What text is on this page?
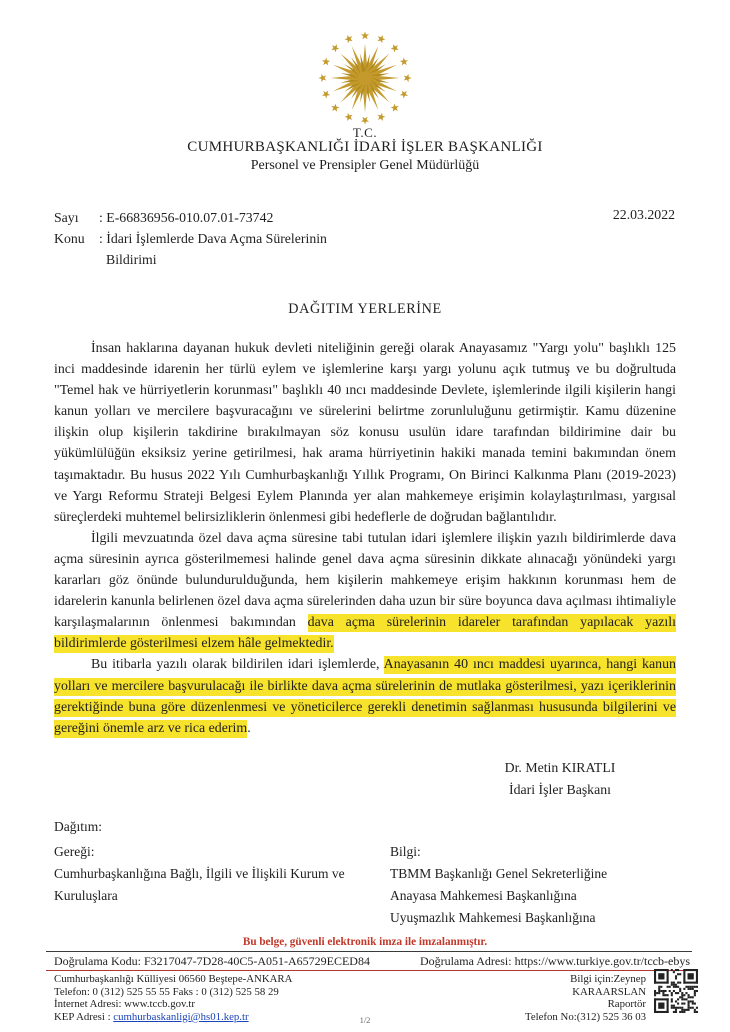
T.C.
CUMHURBAŞKANLIĞI İDARİ İŞLER BAŞKANLIĞI
Personel ve Prensipler Genel Müdürlüğü
Sayı	: E-66836956-010.07.01-73742
Konu	: İdari İşlemlerde Dava Açma Sürelerinin
Bildirimi
22.03.2022
DAĞITIM YERLERİNE

İnsan haklarına dayanan hukuk devleti niteliğinin gereği olarak Anayasamız "Yargı yolu" başlıklı 125 inci maddesinde idarenin her türlü eylem ve işlemlerine karşı yargı yolunu açık tutmuş ve bu doğrultuda "Temel hak ve hürriyetlerin korunması" başlıklı 40 ıncı maddesinde Devlete, işlemlerinde ilgili kişilerin hangi kanun yolları ve mercilere başvuracağını ve sürelerini belirtme zorunluluğunu getirmiştir. Kamu düzenine ilişkin olup kişilerin takdirine bırakılmayan söz konusu usulün idare tarafından bildirimine dair bu yükümlülüğün eksiksiz yerine getirilmesi, hak arama hürriyetinin hakiki manada temini bakımından önem taşımaktadır. Bu husus 2022 Yılı Cumhurbaşkanlığı Yıllık Programı, On Birinci Kalkınma Planı (2019-2023) ve Yargı Reformu Strateji Belgesi Eylem Planında yer alan mahkemeye erişimin kolaylaştırılması, yargısal süreçlerdeki muhtemel belirsizliklerin önlenmesi gibi hedeflerle de doğrudan bağlantılıdır.

İlgili mevzuatında özel dava açma süresine tabi tutulan idari işlemlere ilişkin yazılı bildirimlerde dava açma süresinin ayrıca gösterilmemesi halinde genel dava açma süresinin dikkate alınacağı yönündeki yargı kararları göz önünde bulundurulduğunda, hem kişilerin mahkemeye erişim hakkının korunması hem de idarelerin kanunla belirlenen özel dava açma sürelerinden daha uzun bir süre boyunca dava açılması ihtimaliyle karşılaşmalarının önlenmesi bakımından dava açma sürelerinin idareler tarafından yapılacak yazılı bildirimlerde gösterilmesi elzem hâle gelmektedir.

Bu itibarla yazılı olarak bildirilen idari işlemlerde, Anayasanın 40 ıncı maddesi uyarınca, hangi kanun yolları ve mercilere başvurulacağı ile birlikte dava açma sürelerinin de mutlaka gösterilmesi, yazı içeriklerinin gerektiğinde buna göre düzenlenmesi ve yöneticilerce gerekli denetimin sağlanması hususunda bilgilerini ve gereğini önemle arz ve rica ederim.

Dr. Metin KIRATLI
İdari İşler Başkanı
Dağıtım:
Gereği:
Cumhurbaşkanlığına Bağlı, İlgili ve İlişkili Kurum ve Kuruluşlara
Bilgi:
TBMM Başkanlığı Genel Sekreterliğine
Anayasa Mahkemesi Başkanlığına
Uyuşmazlık Mahkemesi Başkanlığına
Bu belge, güvenli elektronik imza ile imzalanmıştır.
Doğrulama Kodu: F3217047-7D28-40C5-A051-A65729ECED84	Doğrulama Adresi: https://www.turkiye.gov.tr/tccb-ebys
Cumhurbaşkanlığı Külliyesi 06560 Beştepe-ANKARA
Telefon: 0 (312) 525 55 55 Faks : 0 (312) 525 58 29
İnternet Adresi: www.tccb.gov.tr
KEP Adresi : cumhurbaskanligi@hs01.kep.tr
Bilgi için:Zeynep
KARAARSLAN
Raportör
Telefon No:(312) 525 36 03
1/2
